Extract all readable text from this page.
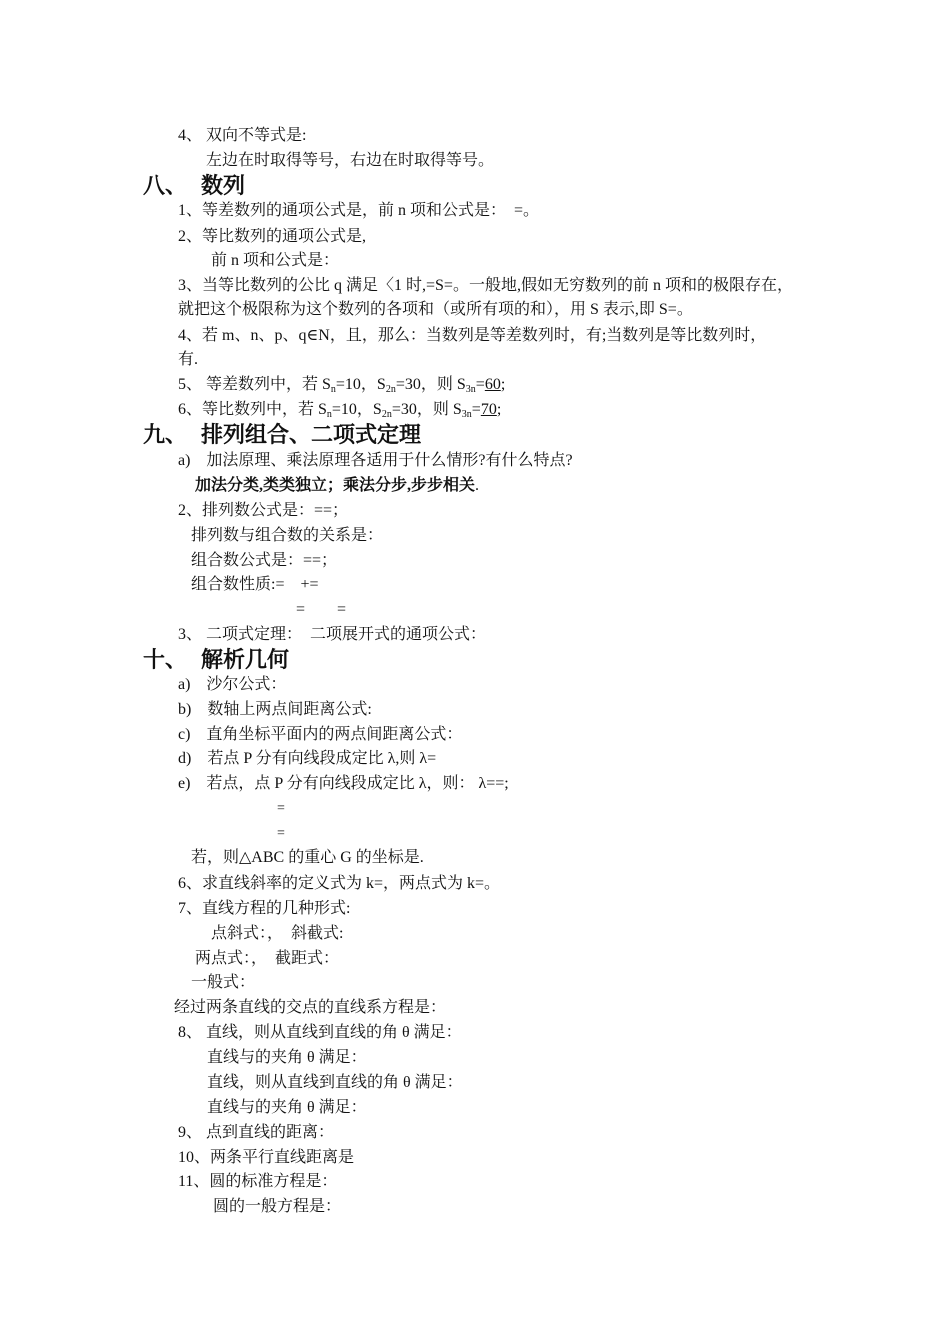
4、 双向不等式是:
左边在时取得等号，右边在时取得等号。
八、 数列
1、等差数列的通项公式是，前 n 项和公式是：　=。
2、等比数列的通项公式是,
前 n 项和公式是：
3、当等比数列的公比 q 满足〈1 时,=S=。一般地,假如无穷数列的前 n 项和的极限存在，
就把这个极限称为这个数列的各项和（或所有项的和），用 S 表示,即 S=。
4、若 m、n、p、q∈N，且，那么：当数列是等差数列时，有;当数列是等比数列时，
有.
5、 等差数列中，若 $S_n=10$，$S_{2n}=30$，则 $S_{3n}=60$;
6、等比数列中，若 $S_n=10$，$S_{2n}=30$，则 $S_{3n}=70$;
九、 排列组合、二项式定理
a)　加法原理、乘法原理各适用于什么情形?有什么特点?
加法分类,类类独立；乘法分步,步步相关.
2、排列数公式是：==；
排列数与组合数的关系是：
组合数公式是：==；
组合数性质:=　+=
=　　=
3、 二项式定理：　二项展开式的通项公式：
十、 解析几何
a)　沙尔公式：
b)　数轴上两点间距离公式:
c)　直角坐标平面内的两点间距离公式：
d)　若点 P 分有向线段成定比 λ,则 λ=
e)　若点，点 P 分有向线段成定比 λ，则： λ==;
=
=
若，则△ABC 的重心 G 的坐标是.
6、求直线斜率的定义式为 k=，两点式为 k=。
7、直线方程的几种形式:
点斜式：，　斜截式:
两点式：，　截距式：
一般式：
经过两条直线的交点的直线系方程是：
8、 直线，则从直线到直线的角 θ 满足：
直线与的夹角 θ 满足：
直线，则从直线到直线的角 θ 满足：
直线与的夹角 θ 满足：
9、 点到直线的距离：
10、两条平行直线距离是
11、圆的标准方程是：
圆的一般方程是：
